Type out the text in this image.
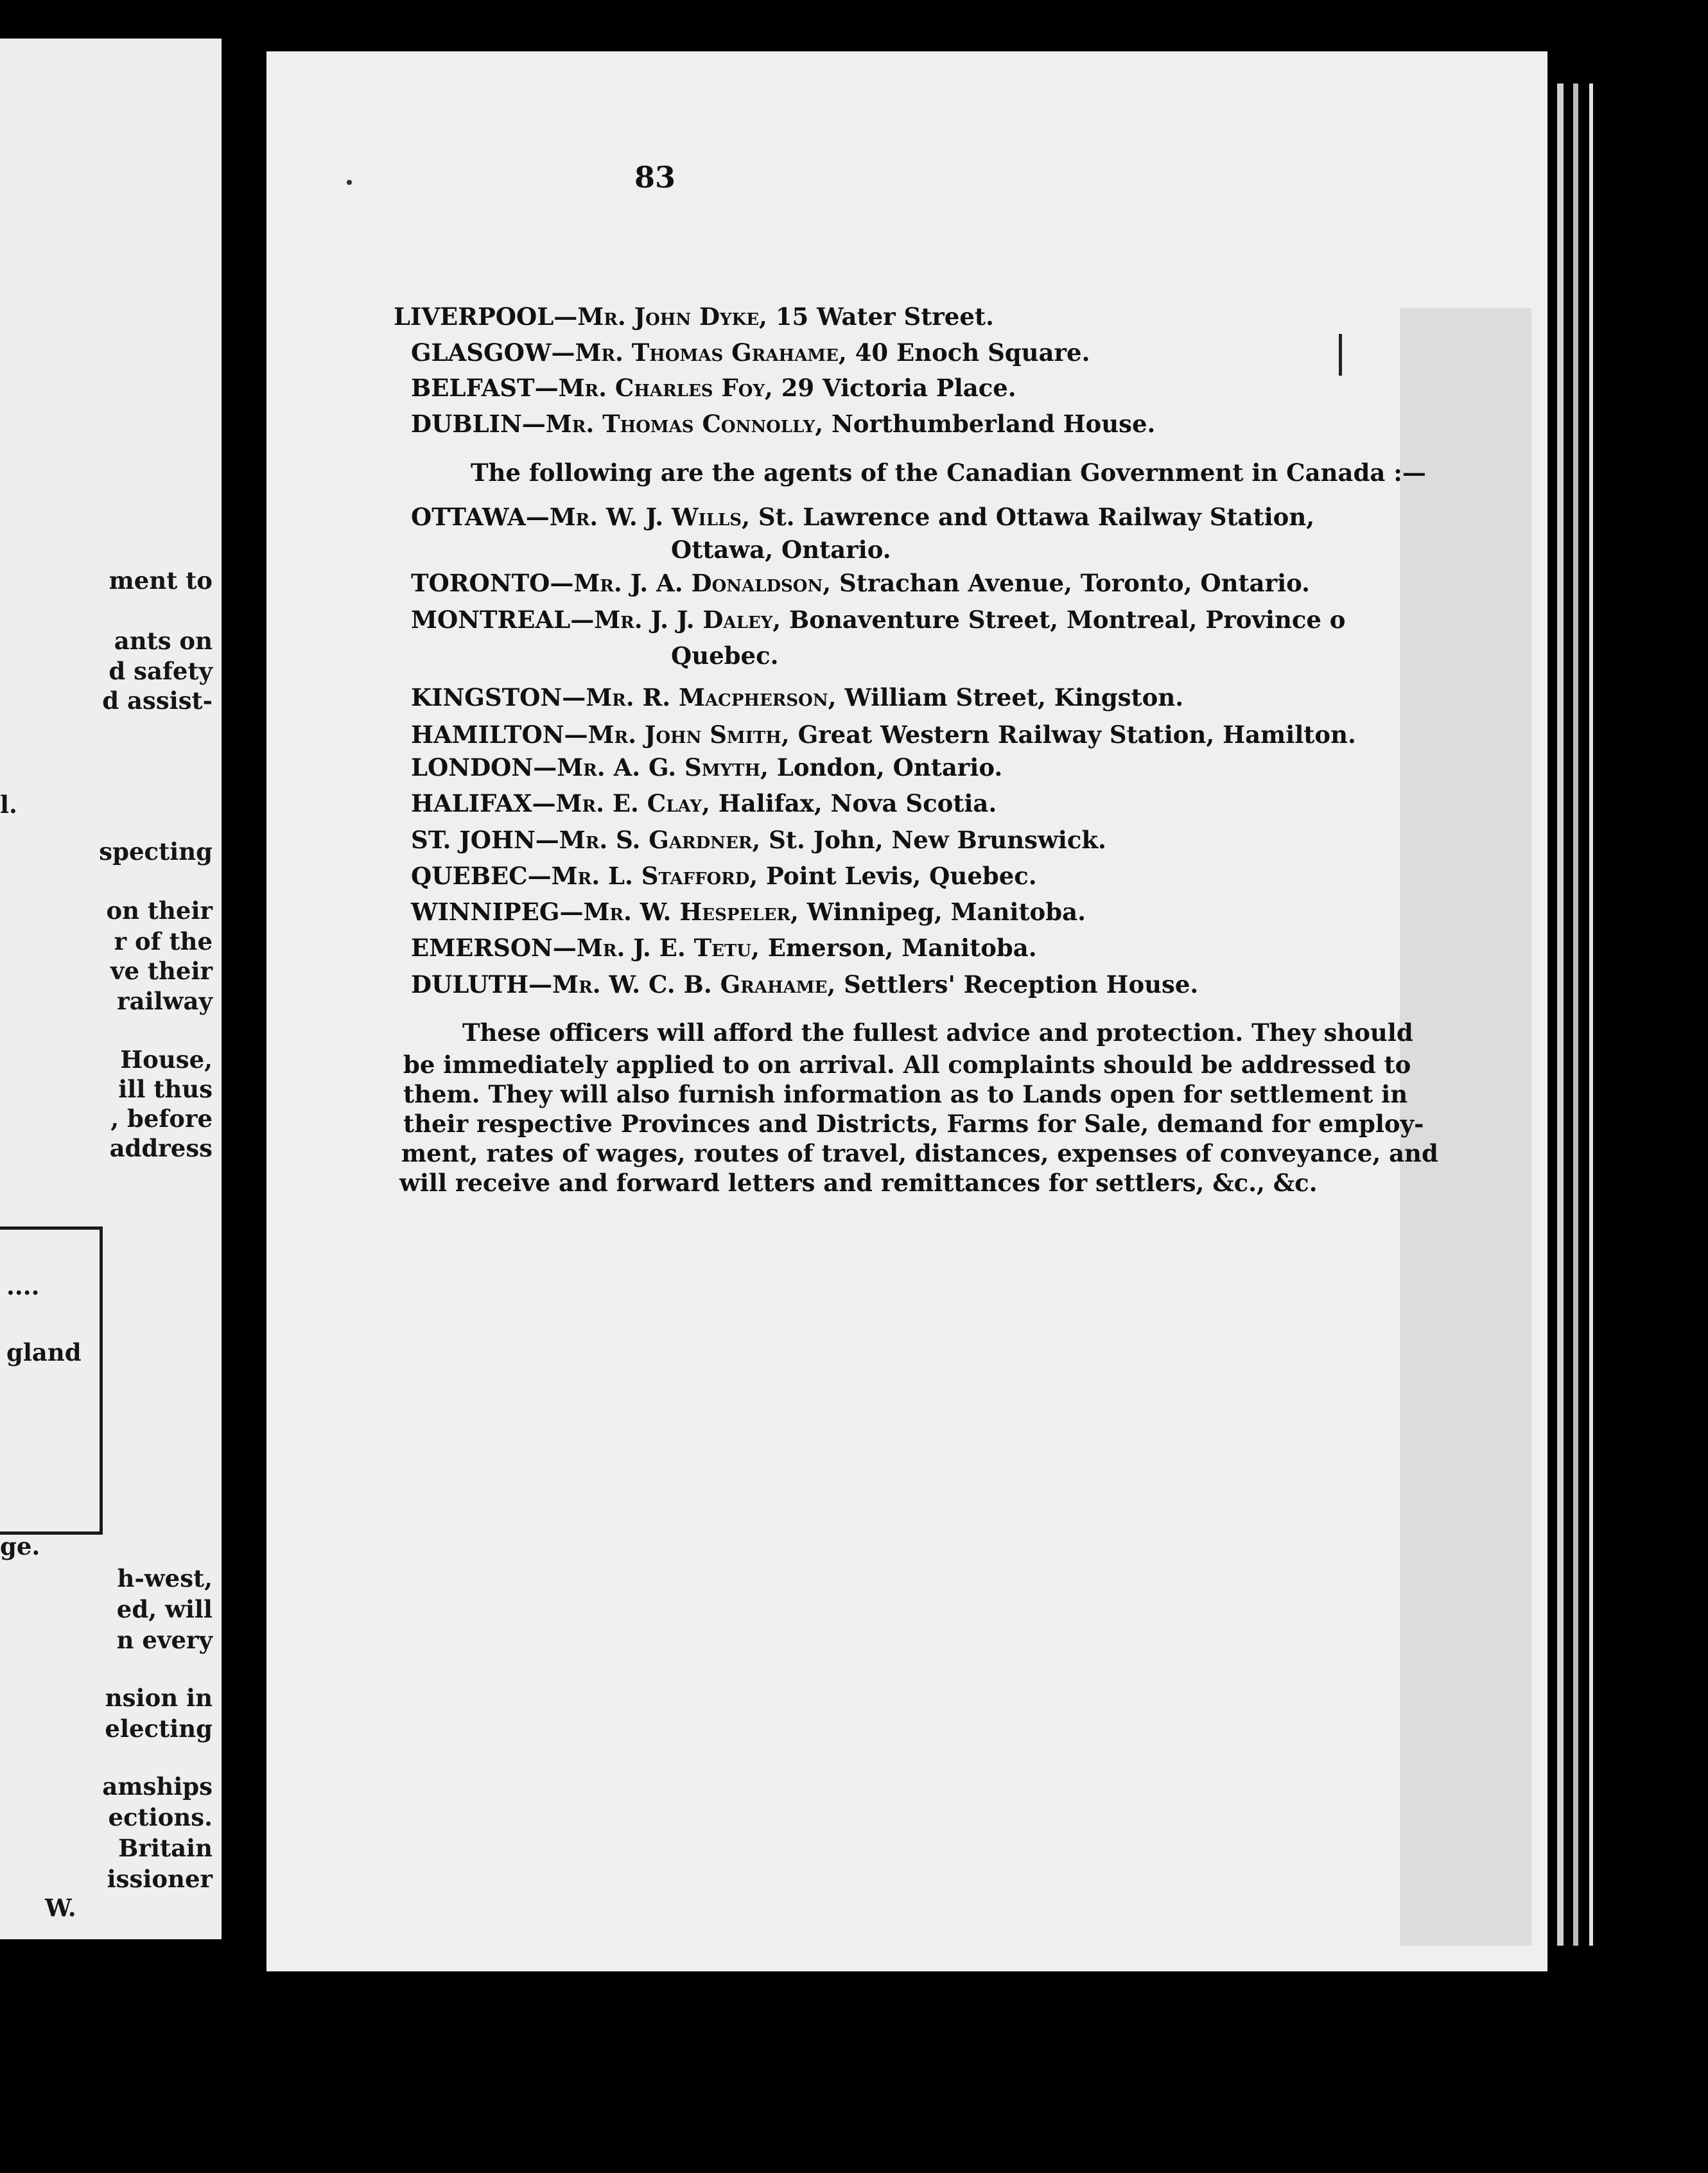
ment to
ants on
d safety
d assist-
l.
specting
on their
r of the
ve their
railway
House,
ill thus
, before
address
....
gland
ge.
h-west,
ed, will
n every
nsion in
electing
amships
ections.
Britain
issioner
W.
83
LIVERPOOL—Mr. John Dyke, 15 Water Street.
GLASGOW—Mr. Thomas Grahame, 40 Enoch Square.
BELFAST—Mr. Charles Foy, 29 Victoria Place.
DUBLIN—Mr. Thomas Connolly, Northumberland House.
The following are the agents of the Canadian Government in Canada :—
OTTAWA—Mr. W. J. Wills, St. Lawrence and Ottawa Railway Station,
Ottawa, Ontario.
TORONTO—Mr. J. A. Donaldson, Strachan Avenue, Toronto, Ontario.
MONTREAL—Mr. J. J. Daley, Bonaventure Street, Montreal, Province o
Quebec.
KINGSTON—Mr. R. Macpherson, William Street, Kingston.
HAMILTON—Mr. John Smith, Great Western Railway Station, Hamilton.
LONDON—Mr. A. G. Smyth, London, Ontario.
HALIFAX—Mr. E. Clay, Halifax, Nova Scotia.
ST. JOHN—Mr. S. Gardner, St. John, New Brunswick.
QUEBEC—Mr. L. Stafford, Point Levis, Quebec.
WINNIPEG—Mr. W. Hespeler, Winnipeg, Manitoba.
EMERSON—Mr. J. E. Tetu, Emerson, Manitoba.
DULUTH—Mr. W. C. B. Grahame, Settlers' Reception House.
These officers will afford the fullest advice and protection. They should
be immediately applied to on arrival. All complaints should be addressed to
them. They will also furnish information as to Lands open for settlement in
their respective Provinces and Districts, Farms for Sale, demand for employ-
ment, rates of wages, routes of travel, distances, expenses of conveyance, and
will receive and forward letters and remittances for settlers, &c., &c.
